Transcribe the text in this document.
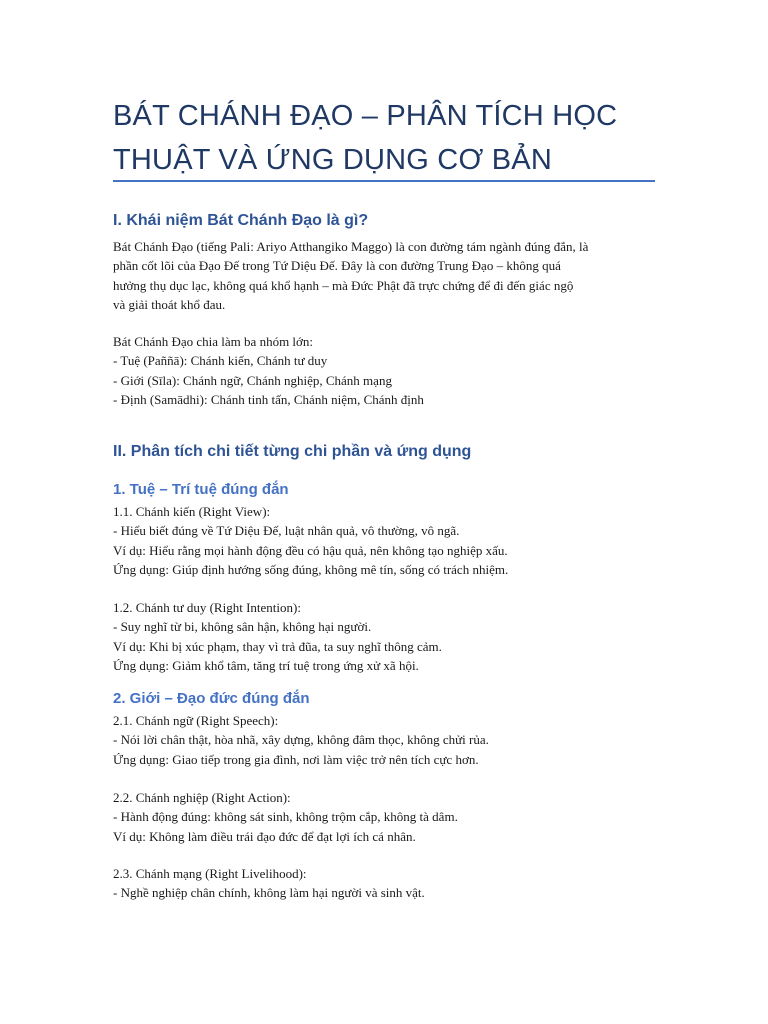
BÁT CHÁNH ĐẠO – PHÂN TÍCH HỌC
THUẬT VÀ ỨNG DỤNG CƠ BẢN
I. Khái niệm Bát Chánh Đạo là gì?
Bát Chánh Đạo (tiếng Pali: Ariyo Atthangiko Maggo) là con đường tám ngành đúng đắn, là
phần cốt lõi của Đạo Đế trong Tứ Diệu Đế. Đây là con đường Trung Đạo – không quá
hưởng thụ dục lạc, không quá khổ hạnh – mà Đức Phật đã trực chứng để đi đến giác ngộ
và giải thoát khổ đau.
Bát Chánh Đạo chia làm ba nhóm lớn:
- Tuệ (Paññā): Chánh kiến, Chánh tư duy
- Giới (Sīla): Chánh ngữ, Chánh nghiệp, Chánh mạng
- Định (Samādhi): Chánh tinh tấn, Chánh niệm, Chánh định
II. Phân tích chi tiết từng chi phần và ứng dụng
1. Tuệ – Trí tuệ đúng đắn
1.1. Chánh kiến (Right View):
- Hiểu biết đúng về Tứ Diệu Đế, luật nhân quả, vô thường, vô ngã.
Ví dụ: Hiểu rằng mọi hành động đều có hậu quả, nên không tạo nghiệp xấu.
Ứng dụng: Giúp định hướng sống đúng, không mê tín, sống có trách nhiệm.
1.2. Chánh tư duy (Right Intention):
- Suy nghĩ từ bi, không sân hận, không hại người.
Ví dụ: Khi bị xúc phạm, thay vì trả đũa, ta suy nghĩ thông cảm.
Ứng dụng: Giảm khổ tâm, tăng trí tuệ trong ứng xử xã hội.
2. Giới – Đạo đức đúng đắn
2.1. Chánh ngữ (Right Speech):
- Nói lời chân thật, hòa nhã, xây dựng, không đâm thọc, không chửi rủa.
Ứng dụng: Giao tiếp trong gia đình, nơi làm việc trở nên tích cực hơn.
2.2. Chánh nghiệp (Right Action):
- Hành động đúng: không sát sinh, không trộm cắp, không tà dâm.
Ví dụ: Không làm điều trái đạo đức để đạt lợi ích cá nhân.
2.3. Chánh mạng (Right Livelihood):
- Nghề nghiệp chân chính, không làm hại người và sinh vật.
